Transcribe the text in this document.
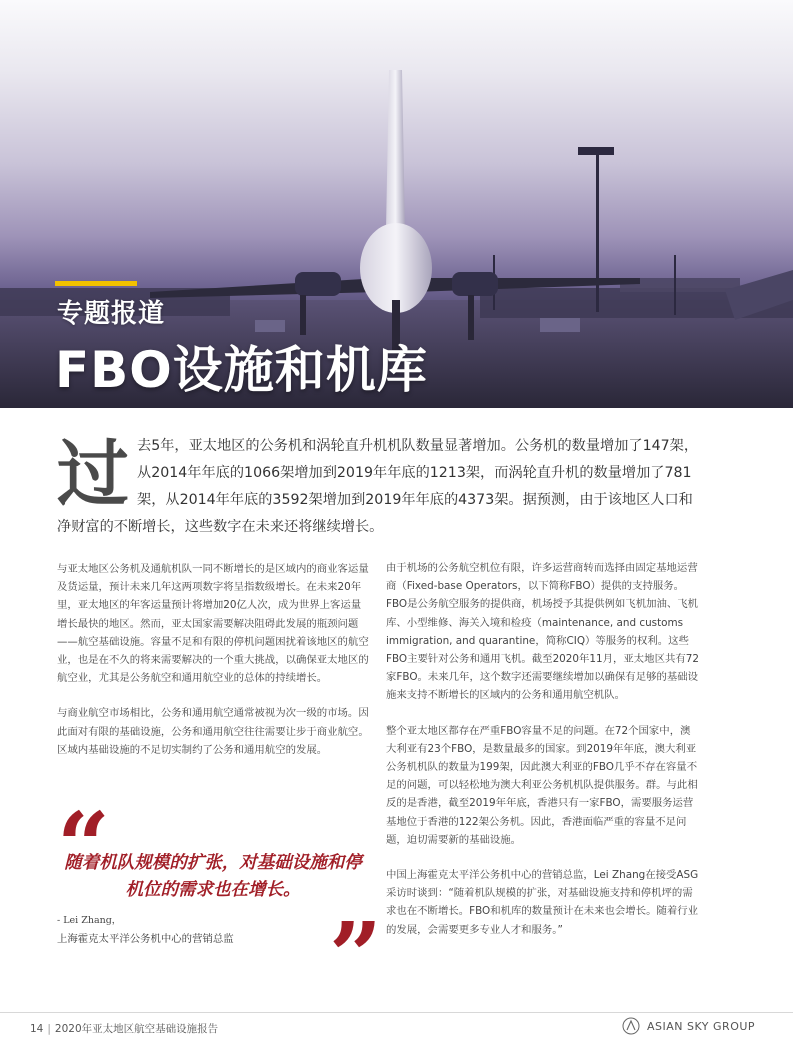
专题报道
FBO设施和机库
过 去5年，亚太地区的公务机和涡轮直升机机队数量显著增加。公务机的数量增加了147架，从2014年年底的1066架增加到2019年年底的1213架，而涡轮直升机的数量增加了781架，从2014年年底的3592架增加到2019年年底的4373架。据预测，由于该地区人口和净财富的不断增长，这些数字在未来还将继续增长。

与亚太地区公务机及通航机队一同不断增长的是区域内的商业客运量及货运量，预计未来几年这两项数字将呈指数级增长。在未来20年里，亚太地区的年客运量预计将增加20亿人次，成为世界上客运量增长最快的地区。然而，亚太国家需要解决阻碍此发展的瓶颈问题——航空基础设施。容量不足和有限的停机问题困扰着该地区的航空业，也是在不久的将来需要解决的一个重大挑战，以确保亚太地区的航空业，尤其是公务航空和通用航空业的总体的持续增长。

与商业航空市场相比，公务和通用航空通常被视为次一级的市场。因此面对有限的基础设施，公务和通用航空往往需要让步于商业航空。区域内基础设施的不足切实制约了公务和通用航空的发展。

由于机场的公务航空机位有限，许多运营商转而选择由固定基地运营商（Fixed-base Operators，以下简称FBO）提供的支持服务。FBO是公务航空服务的提供商，机场授予其提供例如飞机加油、飞机库、小型维修、海关入境和检疫（maintenance, and customs immigration, and quarantine，简称CIQ）等服务的权利。这些FBO主要针对公务和通用飞机。截至2020年11月，亚太地区共有72家FBO。未来几年，这个数字还需要继续增加以确保有足够的基础设施来支持不断增长的区域内的公务和通用航空机队。

整个亚太地区都存在严重FBO容量不足的问题。在72个国家中，澳大利亚有23个FBO，是数量最多的国家。到2019年年底，澳大利亚公务机机队的数量为199架，因此澳大利亚的FBO几乎不存在容量不足的问题，可以轻松地为澳大利亚公务机机队提供服务。群。与此相反的是香港，截至2019年年底，香港只有一家FBO，需要服务运营基地位于香港的122架公务机。因此，香港面临严重的容量不足问题，迫切需要新的基础设施。

中国上海霍克太平洋公务机中心的营销总监，Lei Zhang在接受ASG采访时谈到：“随着机队规模的扩张，对基础设施支持和停机坪的需求也在不断增长。FBO和机库的数量预计在未来也会增长。随着行业的发展，会需要更多专业人才和服务。”

“
随着机队规模的扩张，对基础设施和停机位的需求也在增长。
- Lei Zhang，
上海霍克太平洋公务机中心的营销总监 ”
14 | 2020年亚太地区航空基础设施报告	ASIAN SKY GROUP
